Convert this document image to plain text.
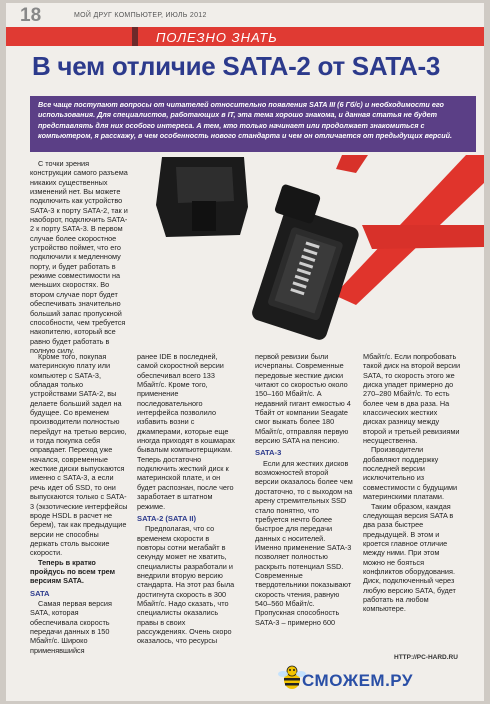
18	МОЙ ДРУГ КОМПЬЮТЕР, ИЮЛЬ 2012
ПОЛЕЗНО ЗНАТЬ
В чем отличие SATA-2 от SATA-3
Все чаще поступают вопросы от читателей относительно появления SATA III (6 Гб/с) и необходимости его использования. Для специалистов, работающих в IT, эта тема хорошо знакома, и данная статья не будет представлять для них особого интереса. А тем, кто только начинает или продолжает знакомиться с компьютером, я расскажу, в чем особенность нового стандарта и чем он отличается от предыдущих версий.

С точки зрения конструкции самого разъема никаких существенных изменений нет. Вы можете подключить как устройство SATA-3 к порту SATA-2, так и наоборот, подключить SATA-2 к порту SATA-3. В первом случае более скоростное устройство поймет, что его подключили к медленному порту, и будет работать в режиме совместимости на меньших скоростях. Во втором случае порт будет обеспечивать значительно больший запас пропускной способности, чем требуется накопителю, который все равно будет работать в полную силу.

Кроме того, покупая материнскую плату или компьютер с SATA-3, обладая только устройствами SATA-2, вы делаете больший задел на будущее. Со временем производители полностью перейдут на третью версию, и тогда покупка себя оправдает. Переход уже начался, современные жесткие диски выпускаются именно с SATA-3, а если речь идет об SSD, то они выпускаются только с SATA-3 (экзотические интерфейсы вроде HSDL в расчет не берем), так как предыдущие версии не способны держать столь высокие скорости.

Теперь в кратко пройдусь по всем трем версиям SATA.

SATA

Самая первая версия SATA, которая обеспечивала скорость передачи данных в 150 Мбайт/с. Широко применявшийся

ранее IDE в последней, самой скоростной версии обеспечивал всего 133 Мбайт/с. Кроме того, применение последовательного интерфейса позволило избавить возни с джамперами, которые еще иногда приходят в кошмарах бывалым компьютерщикам. Теперь достаточно подключить жесткий диск к материнской плате, и он будет распознан, после чего заработает в штатном режиме.

SATA-2 (SATA II)

Предполагая, что со временем скорости в повторы сотни мегабайт в секунду может не хватить, специалисты разработали и внедрили вторую версию стандарта. На этот раз была достигнута скорость в 300 Мбайт/с. Надо сказать, что специалисты оказались правы в своих рассуждениях. Очень скоро оказалось, что ресурсы

первой ревизии были исчерпаны. Современные передовые жесткие диски читают со скоростью около 150–160 Мбайт/с. А недавний гигант емкостью 4 Тбайт от компании Seagate смог выжать более 180 Мбайт/с, отправляя первую версию SATA на пенсию.

SATA-3

Если для жестких дисков возможностей второй версии оказалось более чем достаточно, то с выходом на арену стремительных SSD стало понятно, что требуется нечто более быстрое для передачи данных с носителей. Именно применение SATA-3 позволяет полностью раскрыть потенциал SSD. Современные твердотельники показывают скорость чтения, равную 540–560 Мбайт/с. Пропускная способность SATA-3 – примерно 600

Мбайт/с. Если попробовать такой диск на второй версии SATA, то скорость этого же диска упадет примерно до 270–280 Мбайт/с. То есть более чем в два раза. На классических жестких дисках разницу между второй и третьей ревизиями несущественна.

Производители добавляют поддержку последней версии исключительно из совместимости с будущими материнскими платами.

Таким образом, каждая следующая версия SATA в два раза быстрее предыдущей. В этом и кроется главное отличие между ними. При этом можно не бояться конфликтов оборудования. Диск, подключенный через любую версию SATA, будет работать на любом компьютере.

HTTP://PC-HARD.RU
СМОЖЕМ.РУ
